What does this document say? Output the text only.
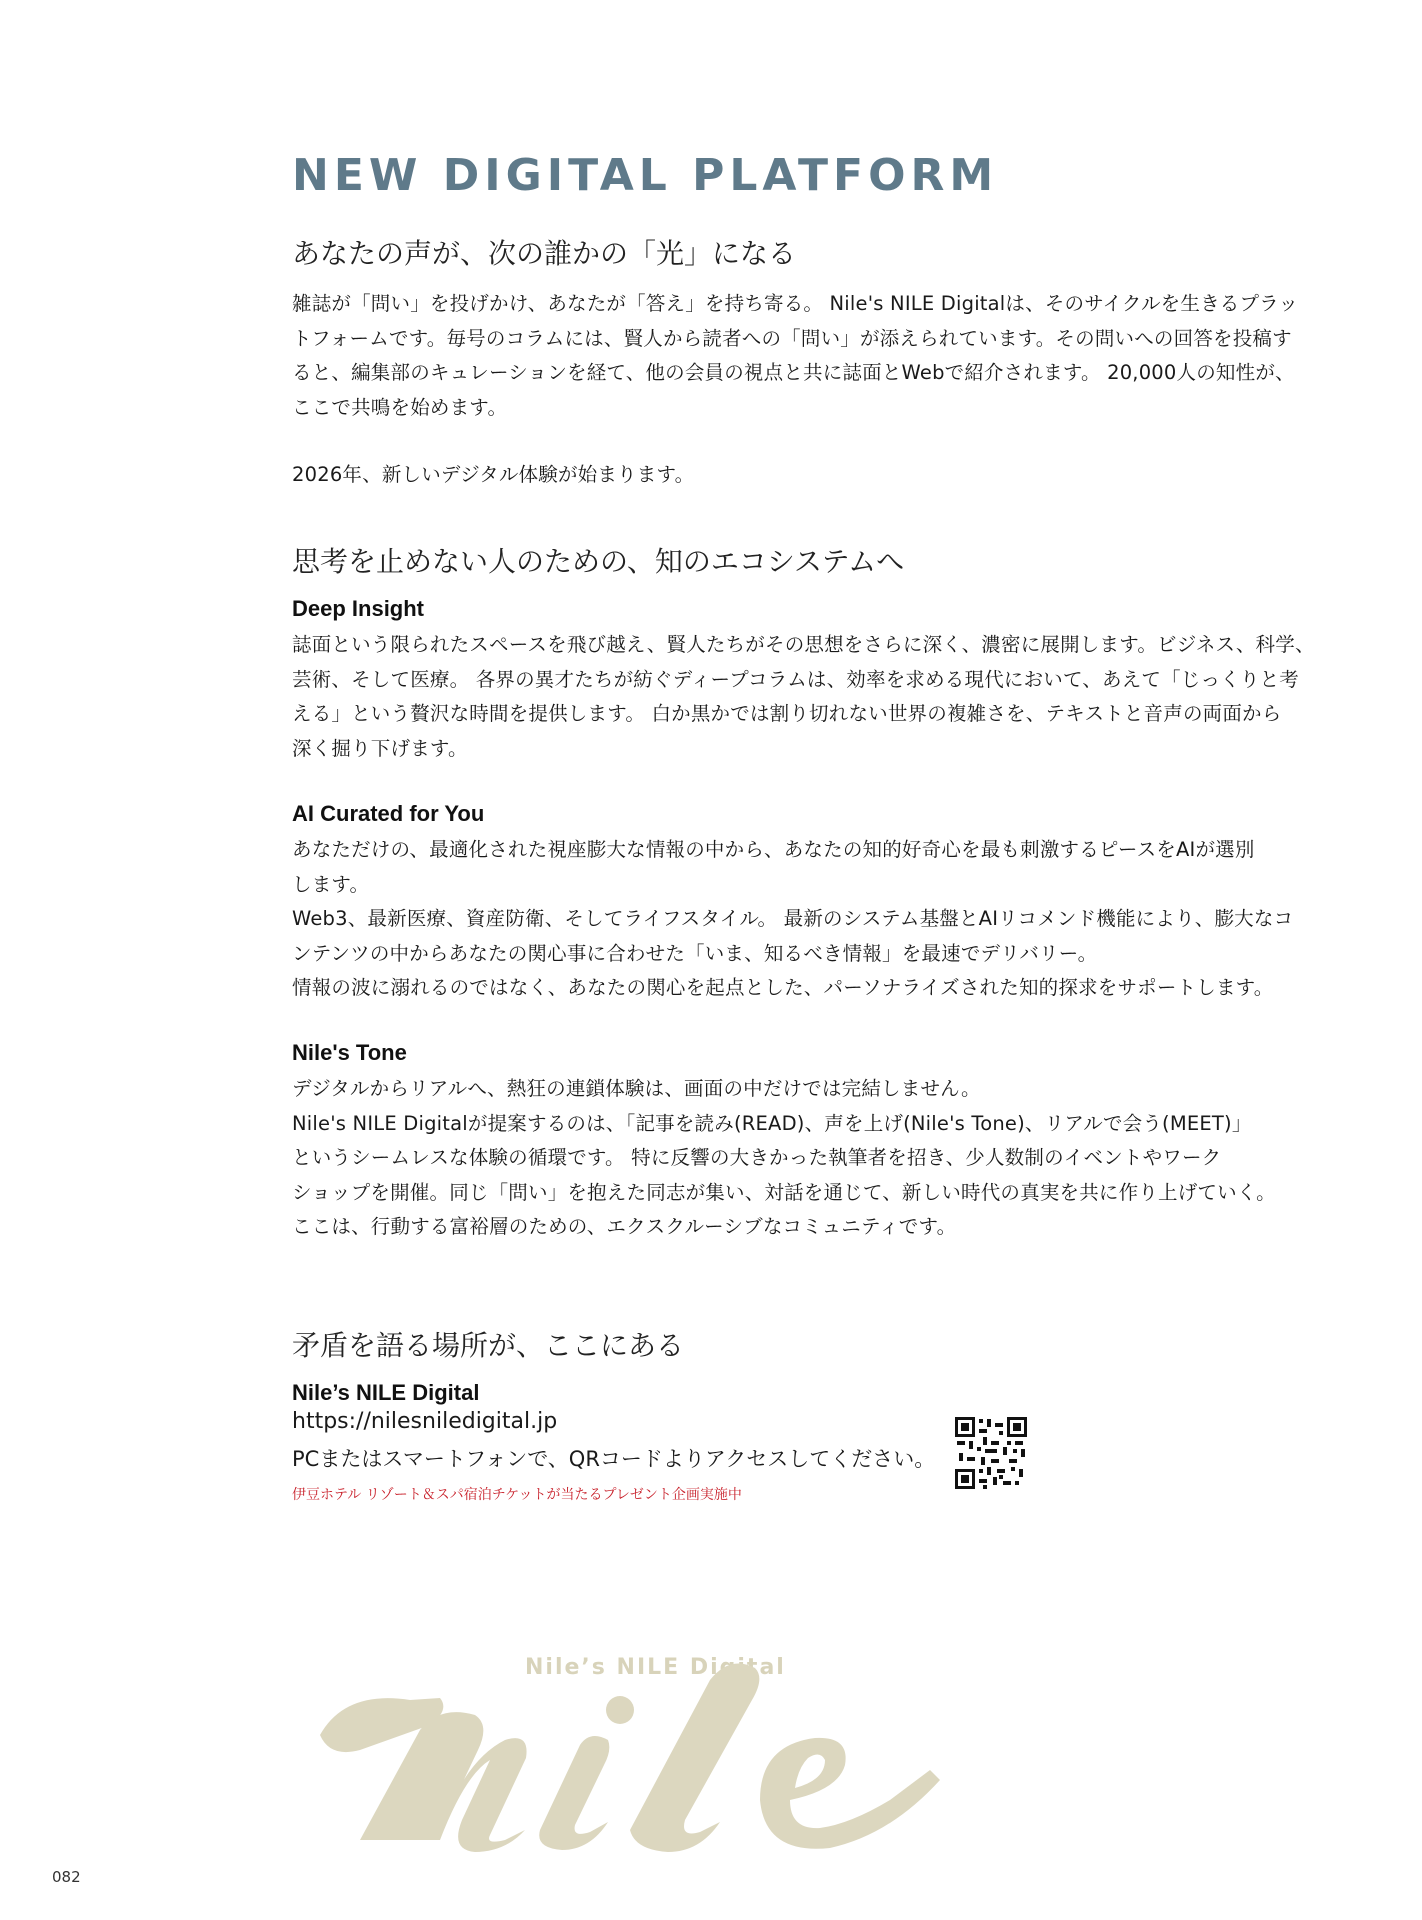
NEW DIGITAL PLATFORM
あなたの声が、次の誰かの「光」になる

雑誌が「問い」を投げかけ、あなたが「答え」を持ち寄る。 Nile's NILE Digitalは、そのサイクルを生きるプラッ

トフォームです。毎号のコラムには、賢人から読者への「問い」が添えられています。その問いへの回答を投稿す

ると、編集部のキュレーションを経て、他の会員の視点と共に誌面とWebで紹介されます。 20,000人の知性が、

ここで共鳴を始めます。

2026年、新しいデジタル体験が始まります。

思考を止めない人のための、知のエコシステムへ
Deep Insight

誌面という限られたスペースを飛び越え、賢人たちがその思想をさらに深く、濃密に展開します。ビジネス、科学、

芸術、そして医療。 各界の異才たちが紡ぐディープコラムは、効率を求める現代において、あえて「じっくりと考

える」という贅沢な時間を提供します。 白か黒かでは割り切れない世界の複雑さを、テキストと音声の両面から

深く掘り下げます。

AI Curated for You

あなただけの、最適化された視座膨大な情報の中から、あなたの知的好奇心を最も刺激するピースをAIが選別

します。

Web3、最新医療、資産防衛、そしてライフスタイル。 最新のシステム基盤とAIリコメンド機能により、膨大なコ

ンテンツの中からあなたの関心事に合わせた「いま、知るべき情報」を最速でデリバリー。

情報の波に溺れるのではなく、あなたの関心を起点とした、パーソナライズされた知的探求をサポートします。

Nile's Tone

デジタルからリアルへ、熱狂の連鎖体験は、画面の中だけでは完結しません。

Nile's NILE Digitalが提案するのは、「記事を読み(READ)、声を上げ(Nile's Tone)、リアルで会う(MEET)」

というシームレスな体験の循環です。 特に反響の大きかった執筆者を招き、少人数制のイベントやワーク

ショップを開催。同じ「問い」を抱えた同志が集い、対話を通じて、新しい時代の真実を共に作り上げていく。

ここは、行動する富裕層のための、エクスクルーシブなコミュニティです。

矛盾を語る場所が、ここにある
Nile’s NILE Digital
https://nilesniledigital.jp
PCまたはスマートフォンで、QRコードよりアクセスしてください。
伊豆ホテル リゾート＆スパ宿泊チケットが当たるプレゼント企画実施中
Nile’s NILE Digital
082
